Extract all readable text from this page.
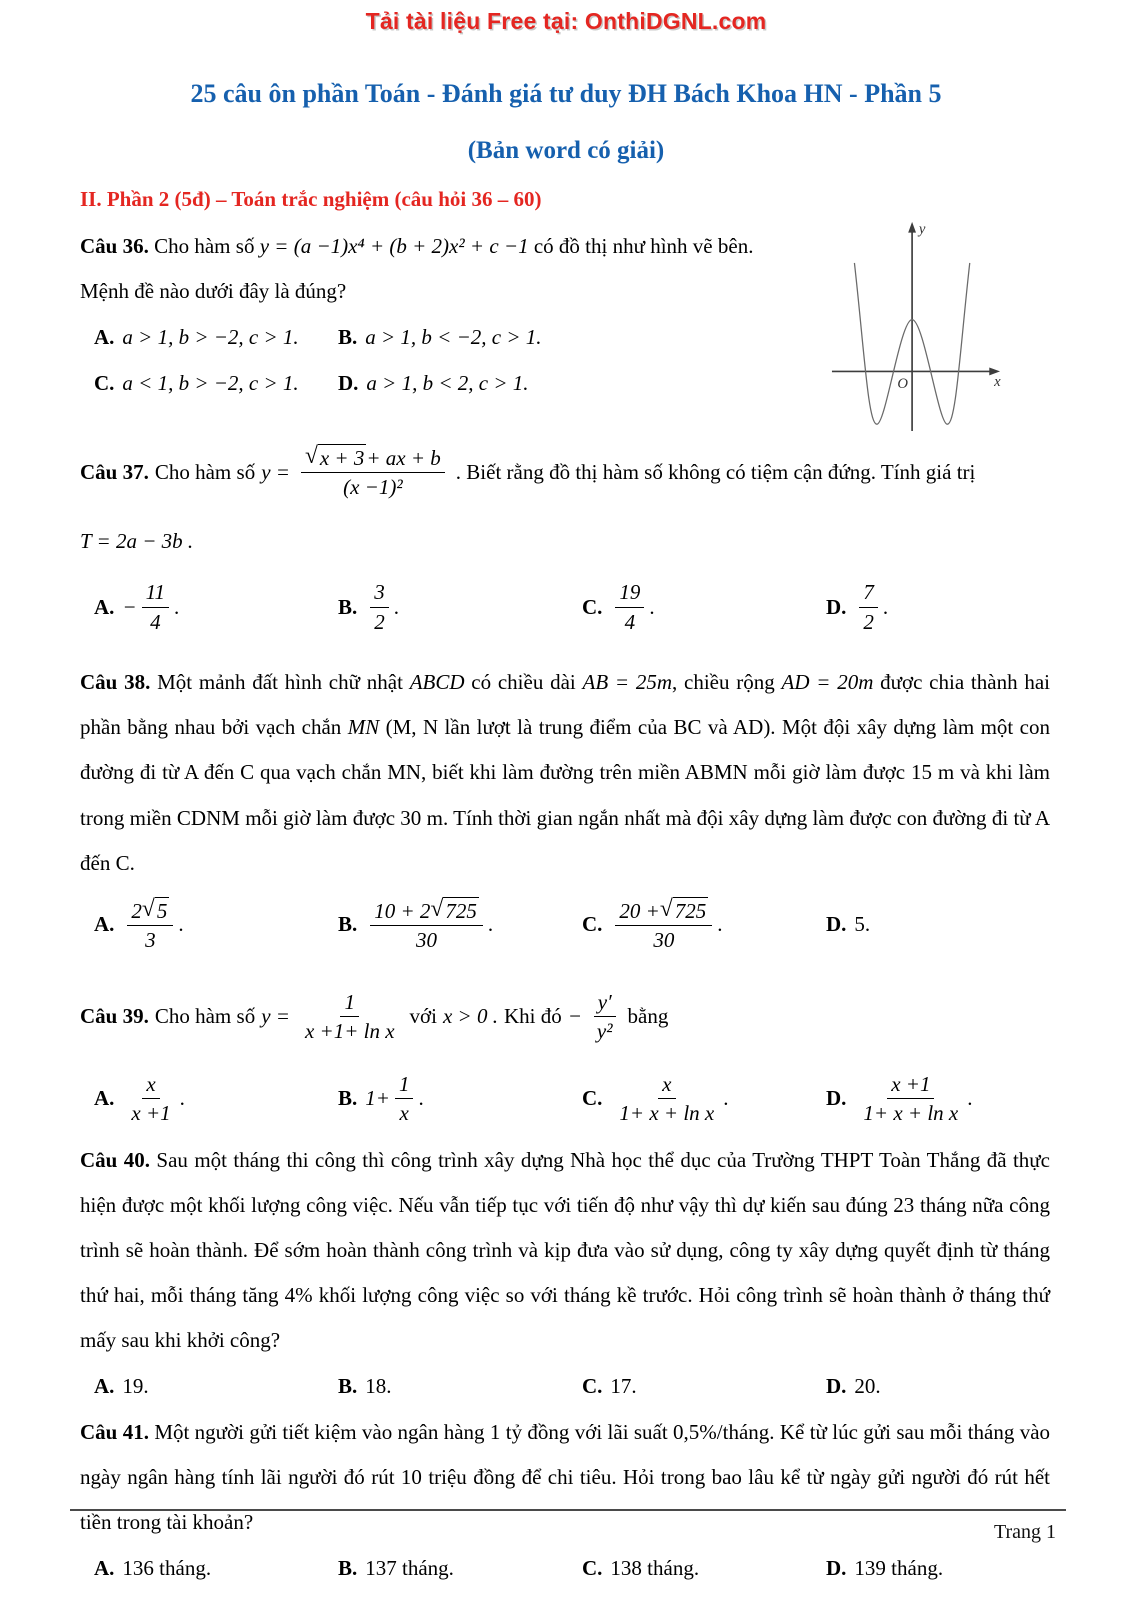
Tải tài liệu Free tại: OnthiDGNL.com
25 câu ôn phần Toán - Đánh giá tư duy ĐH Bách Khoa HN - Phần 5
(Bản word có giải)
II. Phần 2 (5đ) – Toán trắc nghiệm (câu hỏi 36 – 60)
y
x
O

Câu 36. Cho hàm số y = (a −1)x⁴ + (b + 2)x² + c −1 có đồ thị như hình vẽ bên.

Mệnh đề nào dưới đây là đúng?

A. a > 1, b > −2, c > 1. B. a > 1, b < −2, c > 1.
C. a < 1, b > −2, c > 1. D. a > 1, b < 2, c > 1.
Câu 37. Cho hàm số $y = \frac{√ x + 3 + ax + b}{\text{(x −1)²}}$ . Biết rằng đồ thị hàm số không có tiệm cận đứng. Tính giá trị

T = 2a − 3b .

A. − $\frac{11}{4}$ .	B. $\frac{3}{2}$ .	C. $\frac{19}{4}$ .	D. $\frac{7}{2}$ .

Câu 38. Một mảnh đất hình chữ nhật ABCD có chiều dài AB = 25m, chiều rộng AD = 20m được chia thành hai phần bằng nhau bởi vạch chắn MN (M, N lần lượt là trung điểm của BC và AD). Một đội xây dựng làm một con đường đi từ A đến C qua vạch chắn MN, biết khi làm đường trên miền ABMN mỗi giờ làm được 15 m và khi làm trong miền CDNM mỗi giờ làm được 30 m. Tính thời gian ngắn nhất mà đội xây dựng làm được con đường đi từ A đến C.

A. $\frac{2 √ 5}{3}$ .	B. $\frac{10 + 2 √ 725}{30}$ .	C. $\frac{20 + √ 725}{30}$ .	D. 5.
Câu 39. Cho hàm số $y = \frac{1}{\text{x +1+ ln x}}$ với x > 0 . Khi đó − $\frac{y'}{\text{y²}}$ bằng
A. $\frac{x}{x +1}$ .	B. $1+ \frac{1}{x}$ .	C. $\frac{x}{\text{1+ x + ln x}}$ .	D. $\frac{x +1}{\text{1+ x + ln x}}$ .

Câu 40. Sau một tháng thi công thì công trình xây dựng Nhà học thể dục của Trường THPT Toàn Thắng đã thực hiện được một khối lượng công việc. Nếu vẫn tiếp tục với tiến độ như vậy thì dự kiến sau đúng 23 tháng nữa công trình sẽ hoàn thành. Để sớm hoàn thành công trình và kịp đưa vào sử dụng, công ty xây dựng quyết định từ tháng thứ hai, mỗi tháng tăng 4% khối lượng công việc so với tháng kề trước. Hỏi công trình sẽ hoàn thành ở tháng thứ mấy sau khi khởi công?

A. 19.	B. 18.	C. 17.	D. 20.

Câu 41. Một người gửi tiết kiệm vào ngân hàng 1 tỷ đồng với lãi suất 0,5%/tháng. Kể từ lúc gửi sau mỗi tháng vào ngày ngân hàng tính lãi người đó rút 10 triệu đồng để chi tiêu. Hỏi trong bao lâu kể từ ngày gửi người đó rút hết tiền trong tài khoản?

A. 136 tháng.	B. 137 tháng.	C. 138 tháng.	D. 139 tháng.
Trang 1
